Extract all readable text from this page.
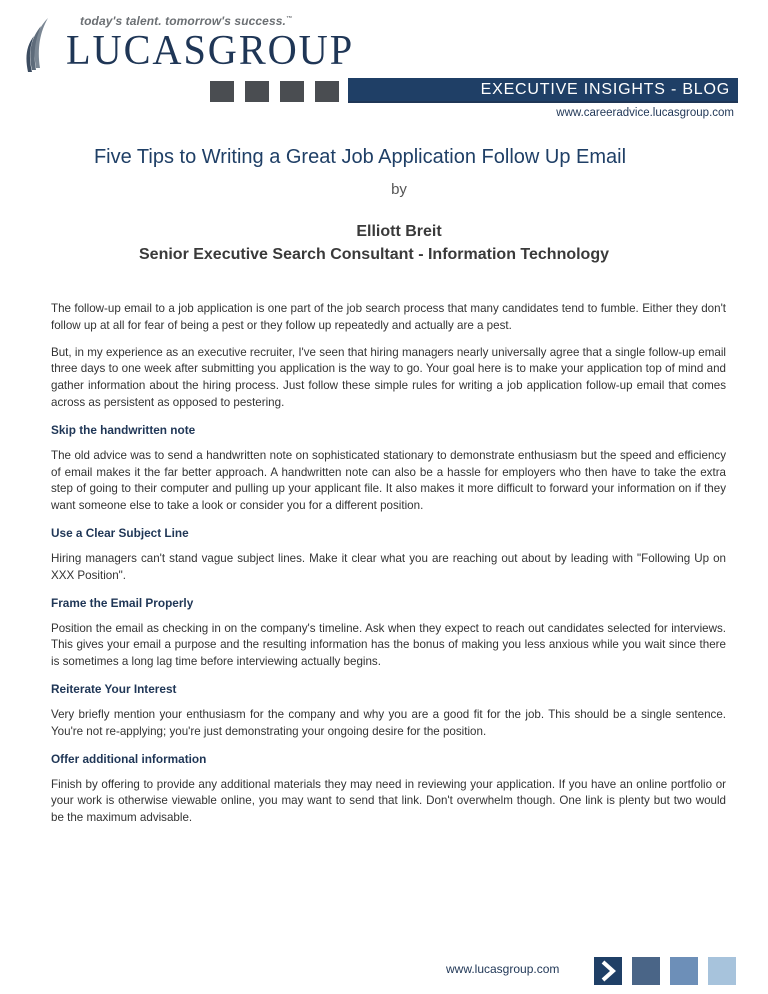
today's talent. tomorrow's success.™
LUCASGROUP
EXECUTIVE INSIGHTS - BLOG
www.careeradvice.lucasgroup.com
Five Tips to Writing a Great Job Application Follow Up Email
by
Elliott Breit
Senior Executive Search Consultant - Information Technology

The follow-up email to a job application is one part of the job search process that many candidates tend to fumble. Either they don't follow up at all for fear of being a pest or they follow up repeatedly and actually are a pest.

But, in my experience as an executive recruiter, I've seen that hiring managers nearly universally agree that a single follow-up email three days to one week after submitting you application is the way to go. Your goal here is to make your application top of mind and gather information about the hiring process. Just follow these simple rules for writing a job application follow-up email that comes across as persistent as opposed to pestering.

Skip the handwritten note

The old advice was to send a handwritten note on sophisticated stationary to demonstrate enthusiasm but the speed and efficiency of email makes it the far better approach. A handwritten note can also be a hassle for employers who then have to take the extra step of going to their computer and pulling up your applicant file. It also makes it more difficult to forward your information on if they want someone else to take a look or consider you for a different position.

Use a Clear Subject Line

Hiring managers can't stand vague subject lines. Make it clear what you are reaching out about by leading with "Following Up on XXX Position".

Frame the Email Properly

Position the email as checking in on the company's timeline. Ask when they expect to reach out candidates selected for interviews. This gives your email a purpose and the resulting information has the bonus of making you less anxious while you wait since there is sometimes a long lag time before interviewing actually begins.

Reiterate Your Interest

Very briefly mention your enthusiasm for the company and why you are a good fit for the job. This should be a single sentence. You're not re-applying; you're just demonstrating your ongoing desire for the position.

Offer additional information

Finish by offering to provide any additional materials they may need in reviewing your application. If you have an online portfolio or your work is otherwise viewable online, you may want to send that link. Don't overwhelm though. One link is plenty but two would be the maximum advisable.

www.lucasgroup.com
